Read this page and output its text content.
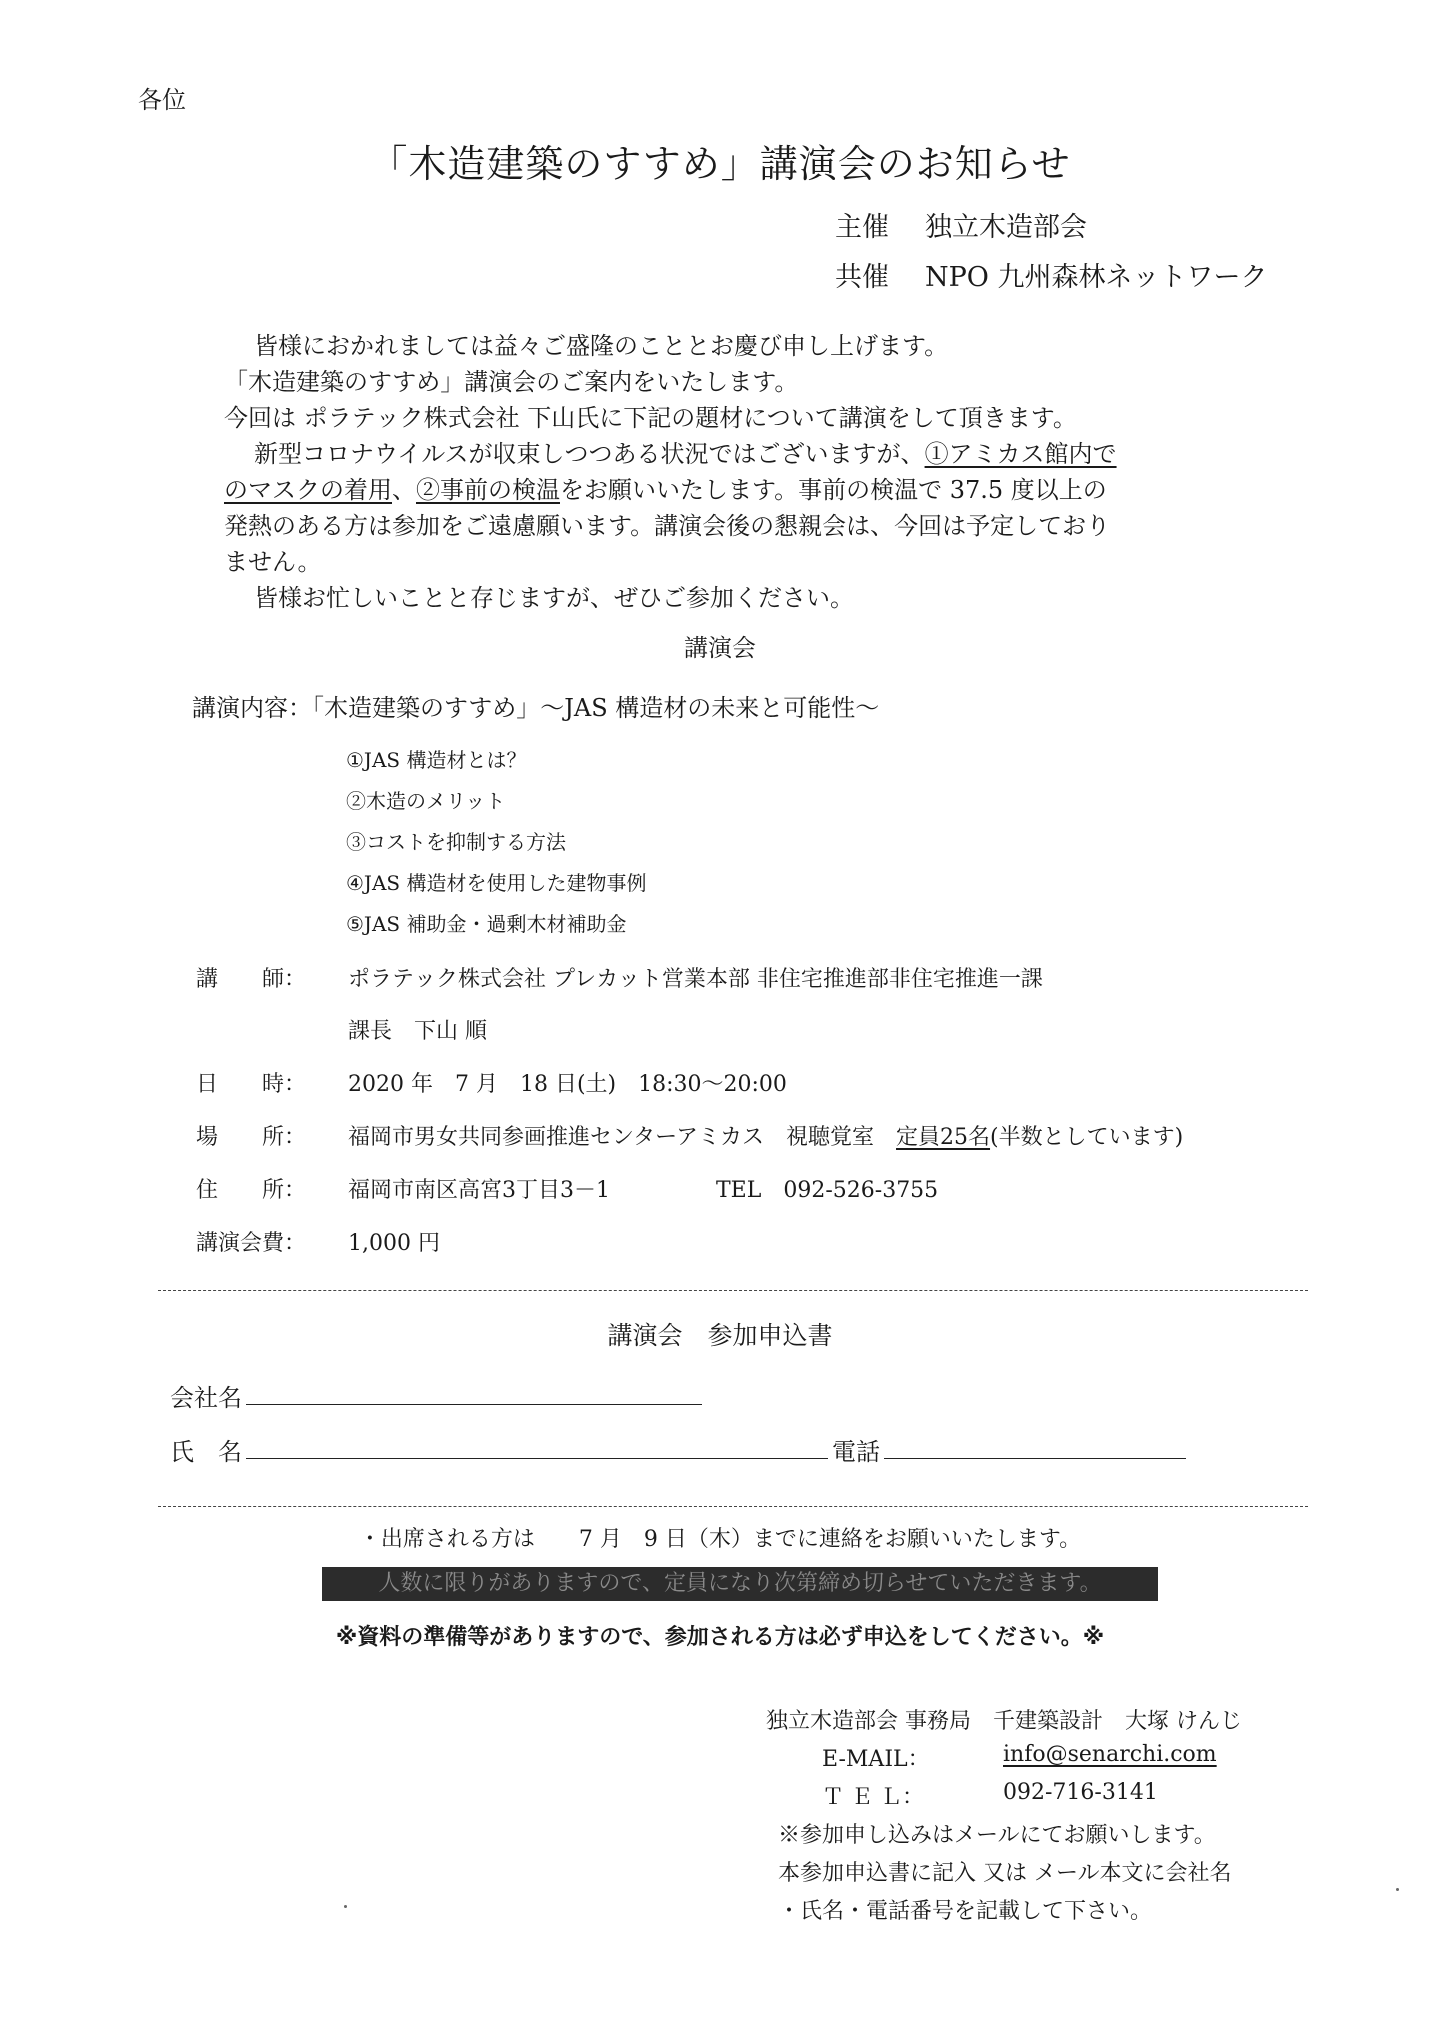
各位
「木造建築のすすめ」講演会のお知らせ
主催 独立木造部会
共催 NPO 九州森林ネットワーク

皆様におかれましては益々ご盛隆のこととお慶び申し上げます。

「木造建築のすすめ」講演会のご案内をいたします。

今回は ポラテック株式会社 下山氏に下記の題材について講演をして頂きます。

新型コロナウイルスが収束しつつある状況ではございますが、①アミカス館内で

のマスクの着用、②事前の検温をお願いいたします。事前の検温で 37.5 度以上の

発熱のある方は参加をご遠慮願います。講演会後の懇親会は、今回は予定しており

ません。

皆様お忙しいことと存じますが、ぜひご参加ください。

講演会
講演内容：「木造建築のすすめ」〜JAS 構造材の未来と可能性〜
①JAS 構造材とは？
②木造のメリット
③コストを抑制する方法
④JAS 構造材を使用した建物事例
⑤JAS 補助金・過剰木材補助金
講　　師： ポラテック株式会社 プレカット営業本部 非住宅推進部非住宅推進一課
課長　下山 順
日　　時： 2020 年　7 月　18 日(土)　18:30〜20:00
場　　所： 福岡市男女共同参画推進センターアミカス　視聴覚室　定員25名(半数としています)
住　　所： 福岡市南区高宮3丁目3－1	TEL　092-526-3755
講演会費： 1,000 円
講演会　参加申込書
会社名
氏　名	電話
・出席される方は　　7 月　9 日（木）までに連絡をお願いいたします。
人数に限りがありますので、定員になり次第締め切らせていただきます。
※資料の準備等がありますので、参加される方は必ず申込をしてください。※
独立木造部会 事務局　千建築設計　大塚 けんじ
E-MAIL：	info@senarchi.com
Ｔ Ｅ Ｌ：	092-716-3141
※参加申し込みはメールにてお願いします。
本参加申込書に記入 又は メール本文に会社名
・氏名・電話番号を記載して下さい。
